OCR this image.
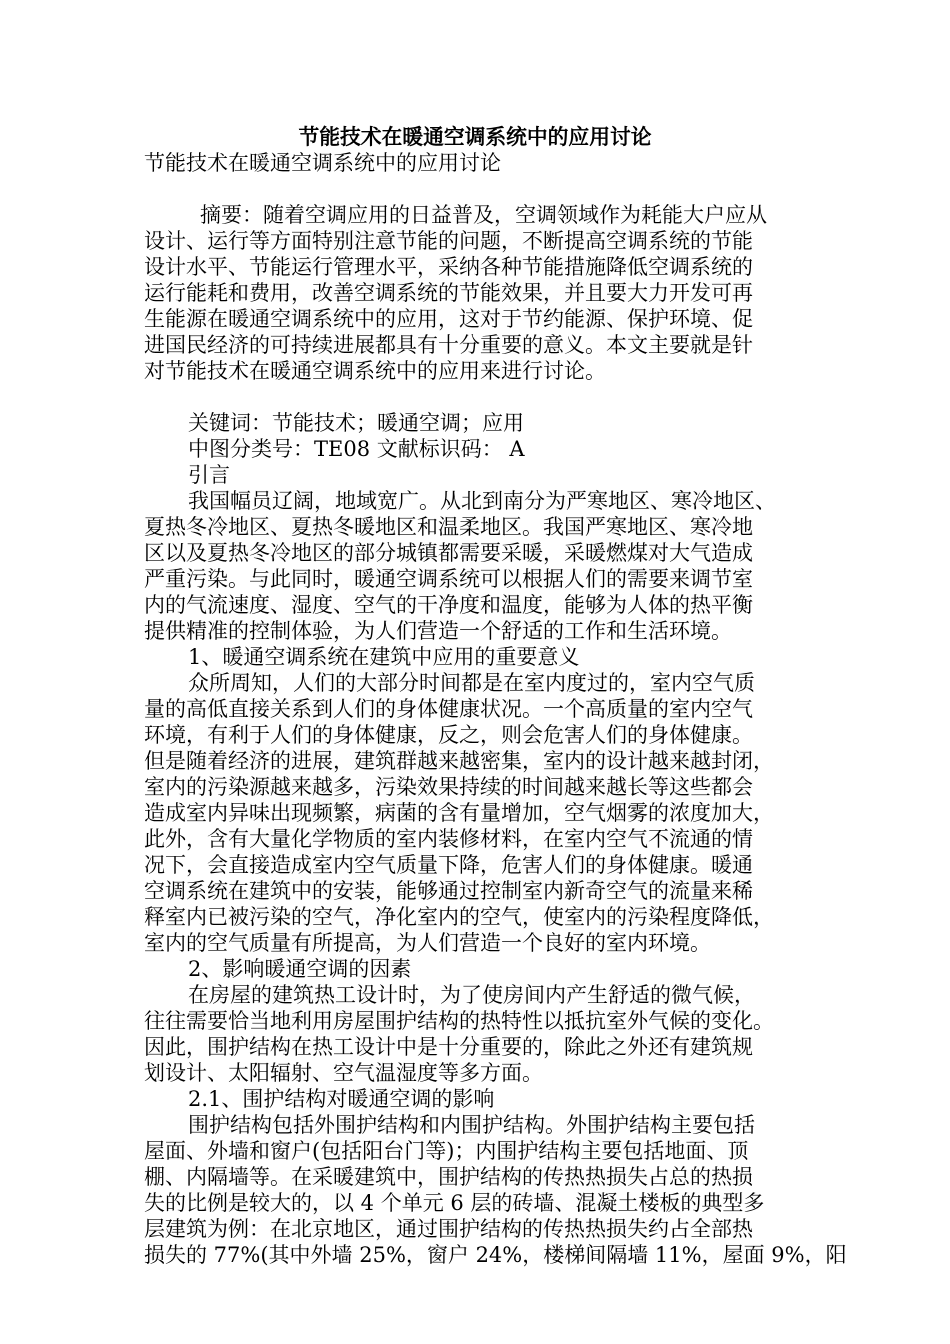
节能技术在暖通空调系统中的应用讨论
节能技术在暖通空调系统中的应用讨论
摘要：随着空调应用的日益普及，空调领域作为耗能大户应从
设计、运行等方面特别注意节能的问题，不断提高空调系统的节能
设计水平、节能运行管理水平，采纳各种节能措施降低空调系统的
运行能耗和费用，改善空调系统的节能效果，并且要大力开发可再
生能源在暖通空调系统中的应用，这对于节约能源、保护环境、促
进国民经济的可持续进展都具有十分重要的意义。本文主要就是针
对节能技术在暖通空调系统中的应用来进行讨论。
关键词：节能技术；暖通空调；应用
中图分类号：TE08 文献标识码： A
引言
我国幅员辽阔，地域宽广。从北到南分为严寒地区、寒冷地区、
夏热冬冷地区、夏热冬暖地区和温柔地区。我国严寒地区、寒冷地
区以及夏热冬冷地区的部分城镇都需要采暖，采暖燃煤对大气造成
严重污染。与此同时，暖通空调系统可以根据人们的需要来调节室
内的气流速度、湿度、空气的干净度和温度，能够为人体的热平衡
提供精准的控制体验，为人们营造一个舒适的工作和生活环境。
1、暖通空调系统在建筑中应用的重要意义
众所周知，人们的大部分时间都是在室内度过的，室内空气质
量的高低直接关系到人们的身体健康状况。一个高质量的室内空气
环境，有利于人们的身体健康，反之，则会危害人们的身体健康。
但是随着经济的进展，建筑群越来越密集，室内的设计越来越封闭，
室内的污染源越来越多，污染效果持续的时间越来越长等这些都会
造成室内异味出现频繁，病菌的含有量增加，空气烟雾的浓度加大，
此外，含有大量化学物质的室内装修材料，在室内空气不流通的情
况下，会直接造成室内空气质量下降，危害人们的身体健康。暖通
空调系统在建筑中的安装，能够通过控制室内新奇空气的流量来稀
释室内已被污染的空气，净化室内的空气，使室内的污染程度降低，
室内的空气质量有所提高，为人们营造一个良好的室内环境。
2、影响暖通空调的因素
在房屋的建筑热工设计时，为了使房间内产生舒适的微气候，
往往需要恰当地利用房屋围护结构的热特性以抵抗室外气候的变化。
因此，围护结构在热工设计中是十分重要的，除此之外还有建筑规
划设计、太阳辐射、空气温湿度等多方面。
2.1、围护结构对暖通空调的影响
围护结构包括外围护结构和内围护结构。外围护结构主要包括
屋面、外墙和窗户(包括阳台门等)；内围护结构主要包括地面、顶
棚、内隔墙等。在采暖建筑中，围护结构的传热热损失占总的热损
失的比例是较大的，以 4 个单元 6 层的砖墙、混凝土楼板的典型多
层建筑为例：在北京地区，通过围护结构的传热热损失约占全部热
损失的 77%(其中外墙 25%，窗户 24%，楼梯间隔墙 11%，屋面 9%，阳
